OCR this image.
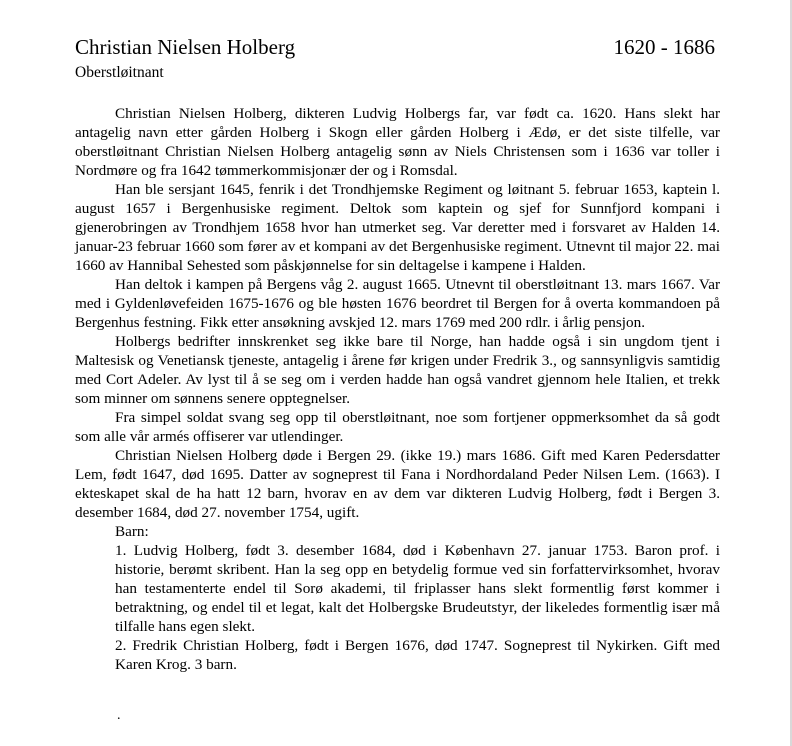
Christian Nielsen Holberg	1620 - 1686
Oberstløitnant

Christian Nielsen Holberg, dikteren Ludvig Holbergs far, var født ca. 1620. Hans slekt har antagelig navn etter gården Holberg i Skogn eller gården Holberg i Ædø, er det siste tilfelle, var oberstløitnant Christian Nielsen Holberg antagelig sønn av Niels Christensen som i 1636 var toller i Nordmøre og fra 1642 tømmerkommisjonær der og i Romsdal.

Han ble sersjant 1645, fenrik i det Trondhjemske Regiment og løitnant 5. februar 1653, kaptein l. august 1657 i Bergenhusiske regiment. Deltok som kaptein og sjef for Sunnfjord kompani i gjenerobringen av Trondhjem 1658 hvor han utmerket seg. Var deretter med i forsvaret av Halden 14. januar-23 februar 1660 som fører av et kompani av det Bergenhusiske regiment. Utnevnt til major 22. mai 1660 av Hannibal Sehested som påskjønnelse for sin deltagelse i kampene i Halden.

Han deltok i kampen på Bergens våg 2. august 1665. Utnevnt til oberstløitnant 13. mars 1667. Var med i Gyldenløvefeiden 1675-1676 og ble høsten 1676 beordret til Bergen for å overta kommandoen på Bergenhus festning. Fikk etter ansøkning avskjed 12. mars 1769 med 200 rdlr. i årlig pensjon.

Holbergs bedrifter innskrenket seg ikke bare til Norge, han hadde også i sin ungdom tjent i Maltesisk og Venetiansk tjeneste, antagelig i årene før krigen under Fredrik 3., og sannsynligvis samtidig med Cort Adeler. Av lyst til å se seg om i verden hadde han også vandret gjennom hele Italien, et trekk som minner om sønnens senere opptegnelser.

Fra simpel soldat svang seg opp til oberstløitnant, noe som fortjener oppmerksomhet da så godt som alle vår armés offiserer var utlendinger.

Christian Nielsen Holberg døde i Bergen 29. (ikke 19.) mars 1686. Gift med Karen Pedersdatter Lem, født 1647, død 1695. Datter av sogneprest til Fana i Nordhordaland Peder Nilsen Lem. (1663). I ekteskapet skal de ha hatt 12 barn, hvorav en av dem var dikteren Ludvig Holberg, født i Bergen 3. desember 1684, død 27. november 1754, ugift.

Barn:

1. Ludvig Holberg, født 3. desember 1684, død i København 27. januar 1753. Baron prof. i historie, berømt skribent. Han la seg opp en betydelig formue ved sin forfattervirksomhet, hvorav han testamenterte endel til Sorø akademi, til friplasser hans slekt formentlig først kommer i betraktning, og endel til et legat, kalt det Holbergske Brudeutstyr, der likeledes formentlig især må tilfalle hans egen slekt.

2. Fredrik Christian Holberg, født i Bergen 1676, død 1747. Sogneprest til Nykirken. Gift med Karen Krog. 3 barn.

.
